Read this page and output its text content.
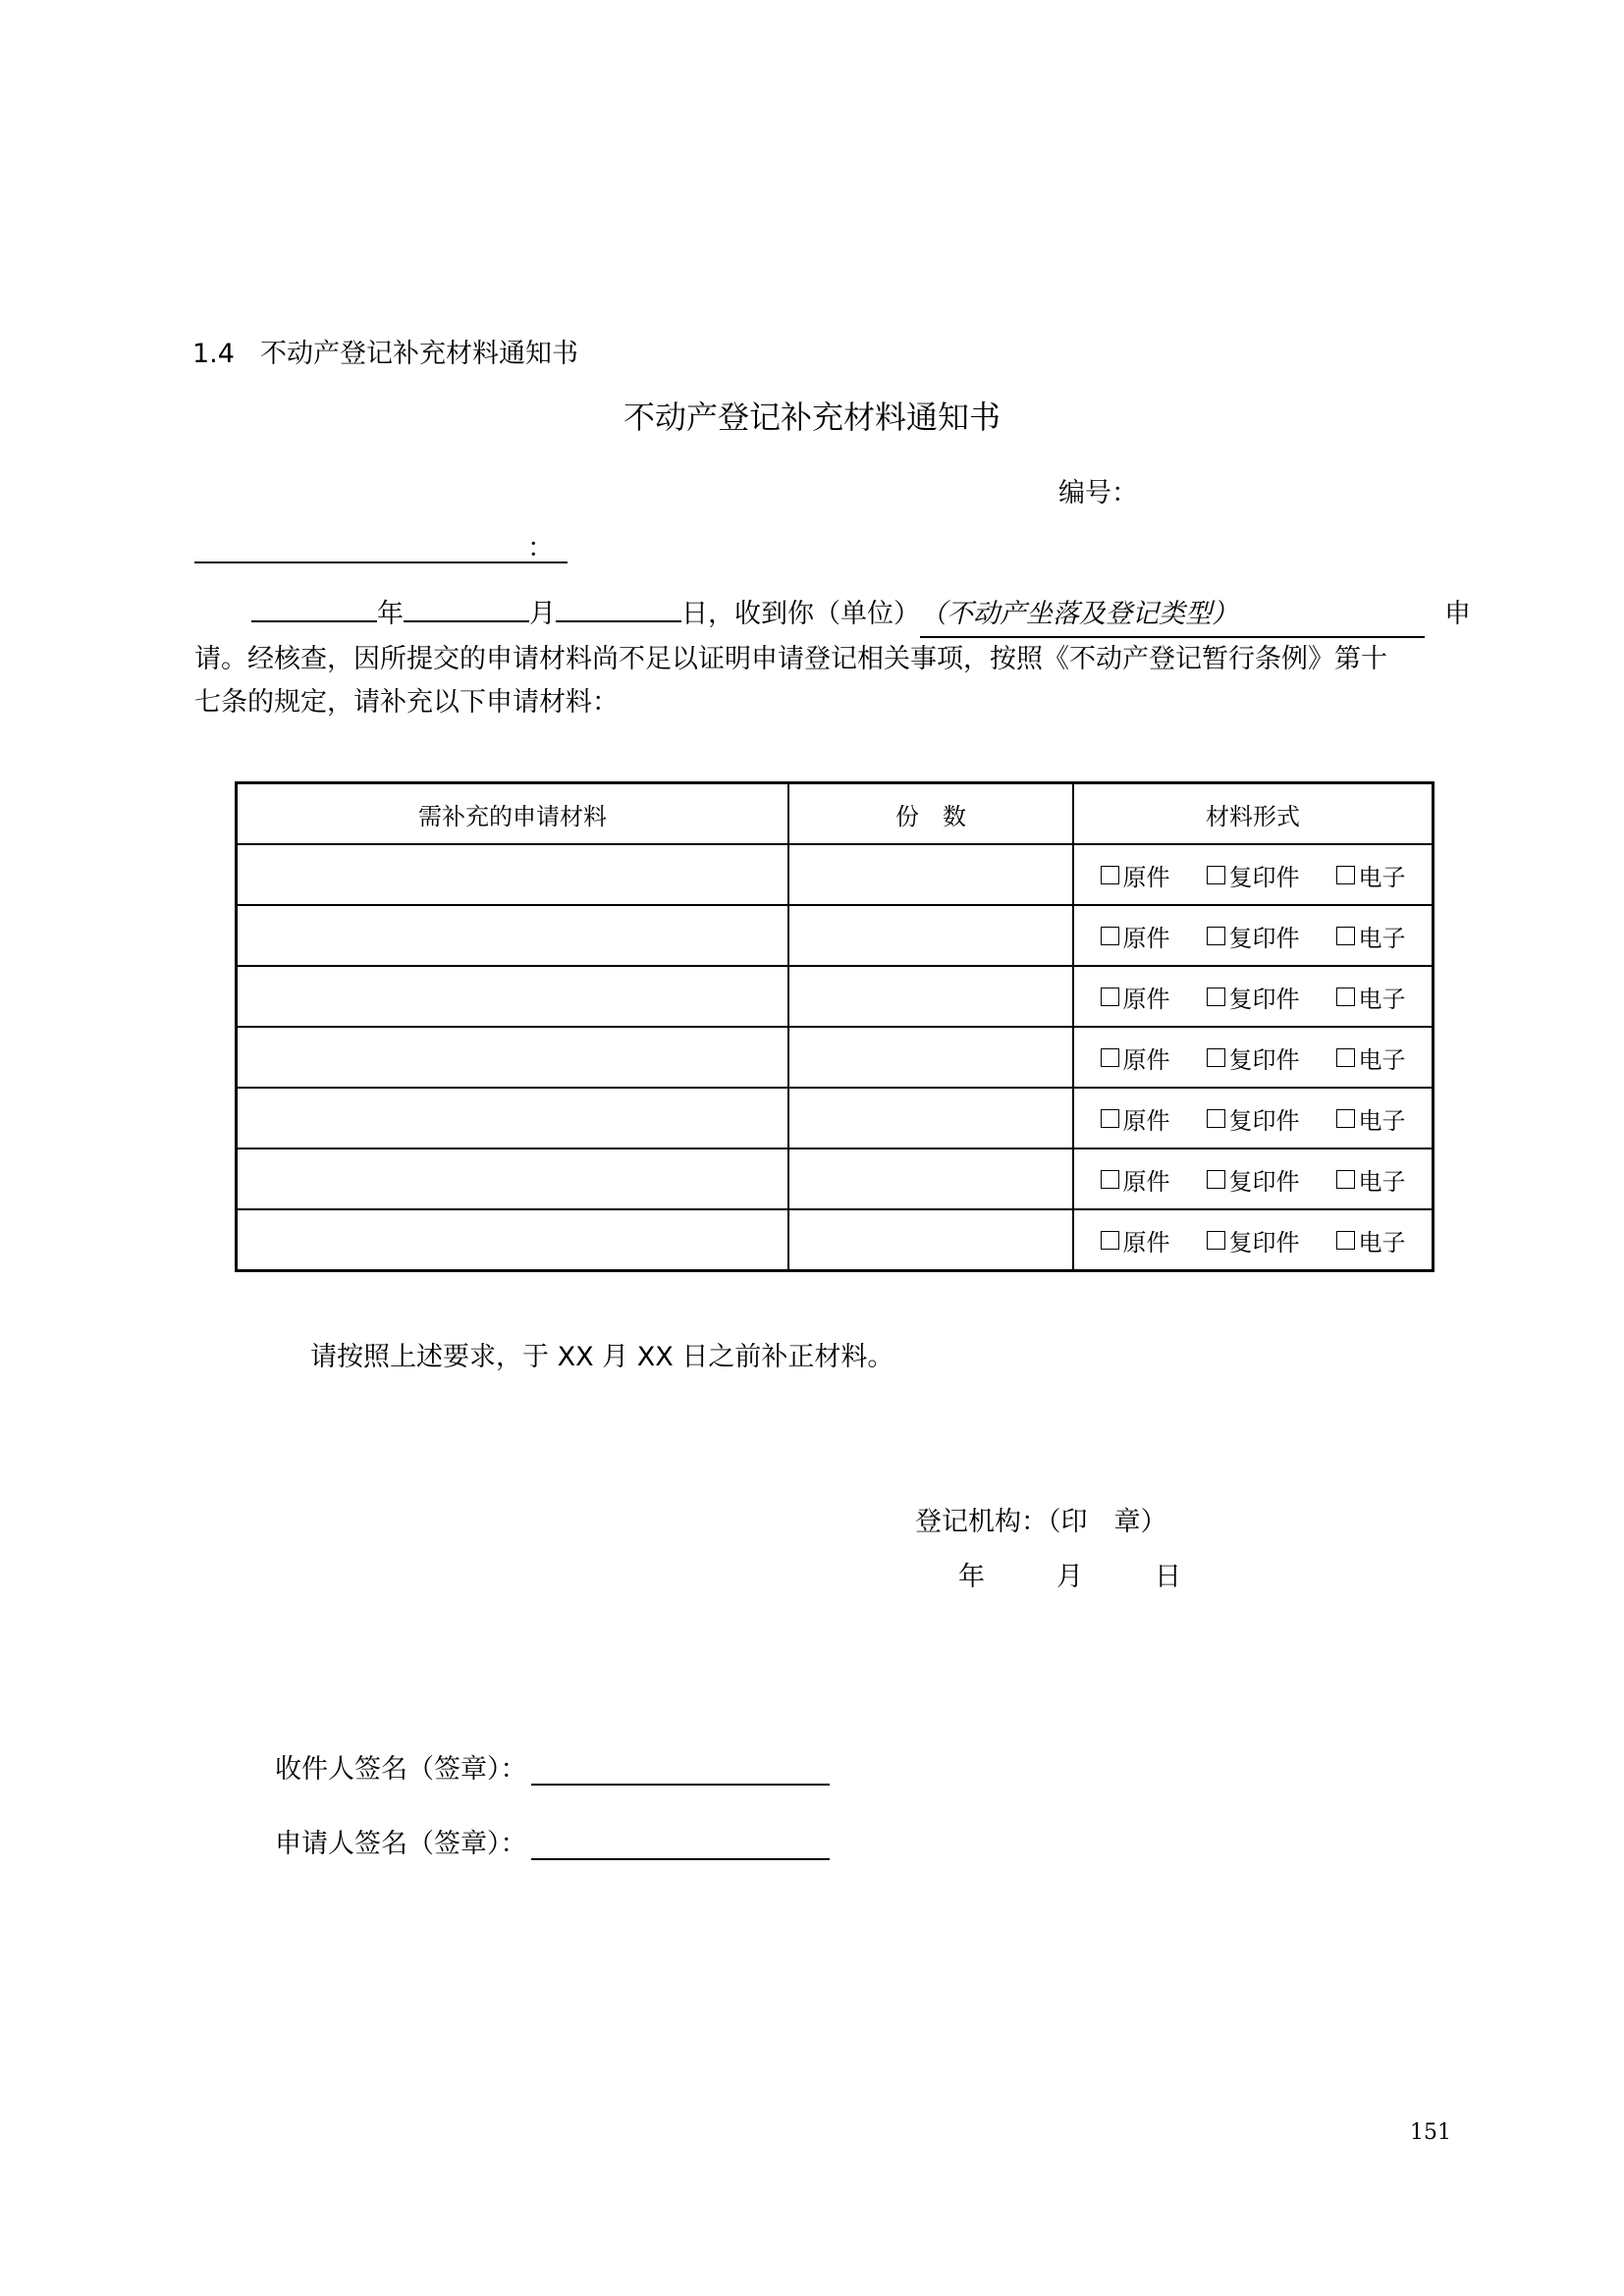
1.4 不动产登记补充材料通知书
不动产登记补充材料通知书
编号：
：
年	月	日，收到你（单位）（不动产坐落及登记类型）	申

请。经核查，因所提交的申请材料尚不足以证明申请登记相关事项，按照《不动产登记暂行条例》第十

七条的规定，请补充以下申请材料：

需补充的申请材料	份　数	材料形式

		原件 复印件 电子

		原件 复印件 电子

		原件 复印件 电子

		原件 复印件 电子

		原件 复印件 电子

		原件 复印件 电子

		原件 复印件 电子
请按照上述要求，于 XX 月 XX 日之前补正材料。
登记机构：（印　章）
年	月	日
收件人签名（签章）：
申请人签名（签章）：
151
